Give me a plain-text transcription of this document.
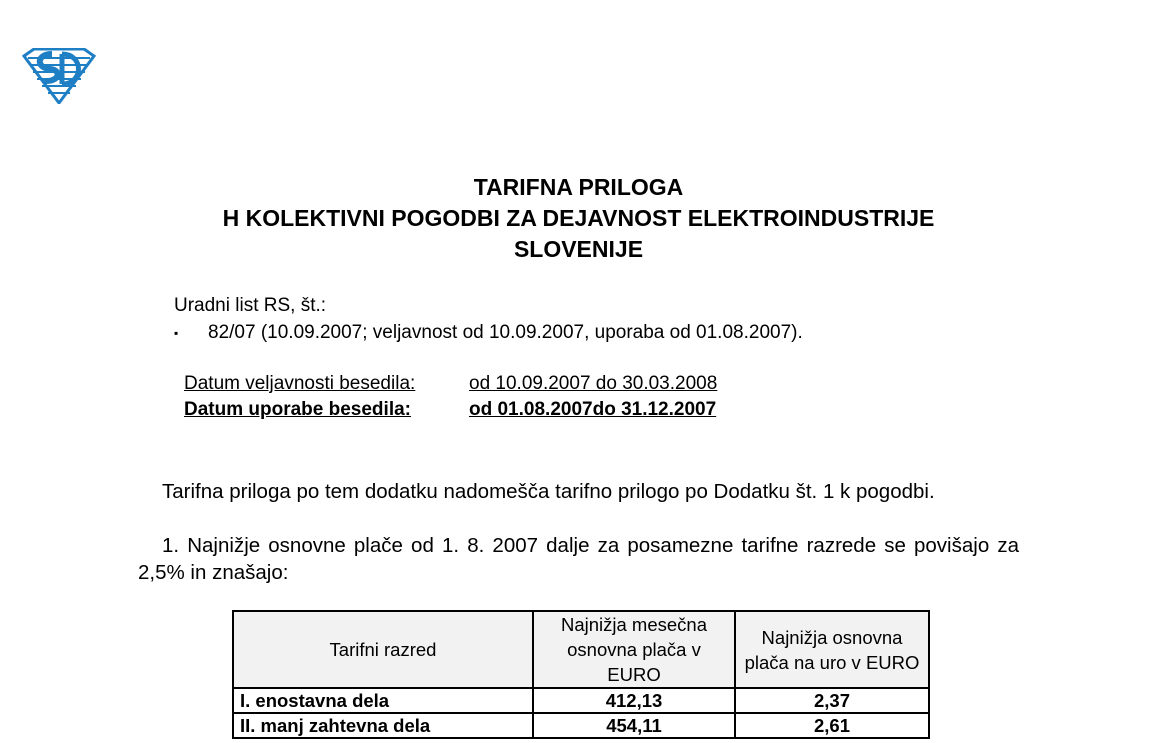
TARIFNA PRILOGA
H KOLEKTIVNI POGODBI ZA DEJAVNOST ELEKTROINDUSTRIJE
SLOVENIJE
Uradni list RS, št.:
▪ 82/07 (10.09.2007; veljavnost od 10.09.2007, uporaba od 01.08.2007).
Datum veljavnosti besedila:	od 10.09.2007 do 30.03.2008
Datum uporabe besedila:	od 01.08.2007do 31.12.2007
Tarifna priloga po tem dodatku nadomešča tarifno prilogo po Dodatku št. 1 k pogodbi.
1. Najnižje osnovne plače od 1. 8. 2007 dalje za posamezne tarifne razrede se povišajo za 2,5% in znašajo:
Tarifni razred	Najnižja mesečna osnovna plača v EURO	Najnižja osnovna plača na uro v EURO
I. enostavna dela	412,13	2,37
II. manj zahtevna dela	454,11	2,61
